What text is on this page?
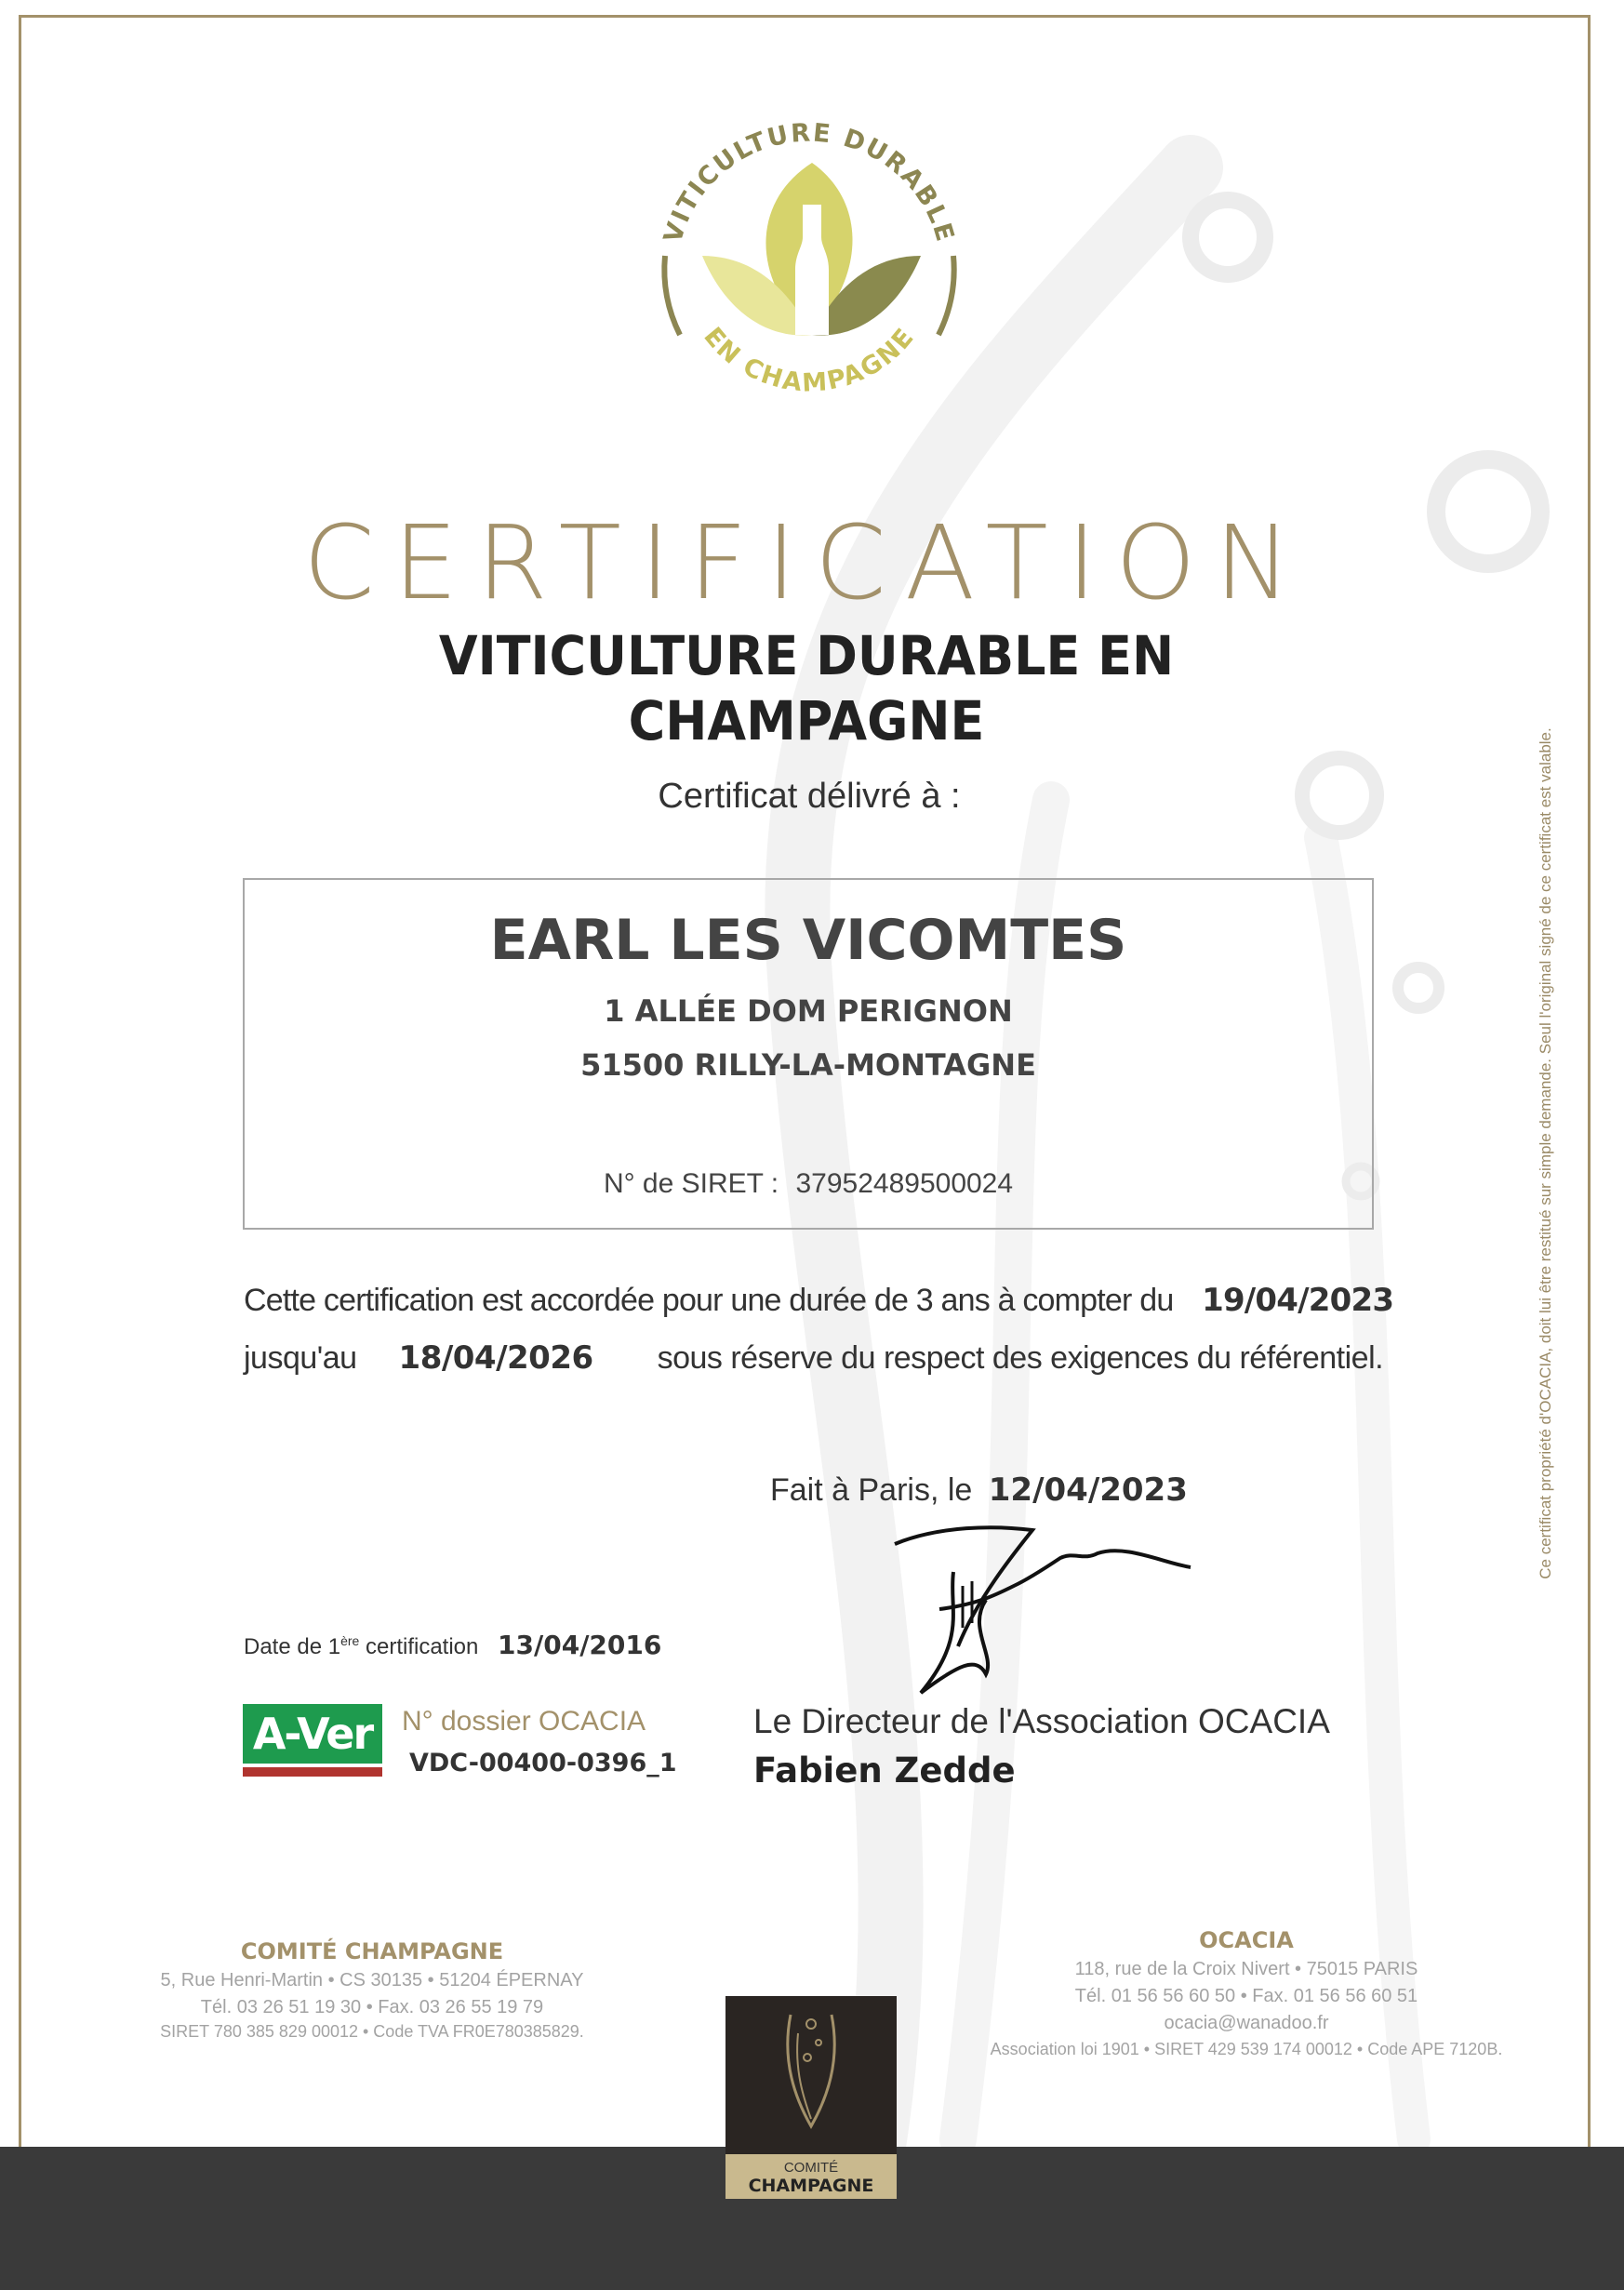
VITICULTURE DURABLE
EN CHAMPAGNE
CERTIFICATION
VITICULTURE DURABLE EN CHAMPAGNE
Certificat délivré à :
EARL LES VICOMTES
1 ALLÉE DOM PERIGNON
51500 RILLY-LA-MONTAGNE
N° de SIRET : 37952489500024
Cette certification est accordée pour une durée de 3 ans à compter du 19/04/2023
jusqu'au 18/04/2026 sous réserve du respect des exigences du référentiel.
Fait à Paris, le 12/04/2023
Date de 1ère certification 13/04/2016
A-Ver	N° dossier OCACIA
VDC-00400-0396_1
Le Directeur de l'Association OCACIA
Fabien Zedde
Ce certificat propriété d'OCACIA, doit lui être restitué sur simple demande. Seul l'original signé de ce certificat est valable.
COMITÉ CHAMPAGNE
5, Rue Henri-Martin • CS 30135 • 51204 ÉPERNAY
Tél. 03 26 51 19 30 • Fax. 03 26 55 19 79
SIRET 780 385 829 00012 • Code TVA FR0E780385829.
COMITÉ
CHAMPAGNE
OCACIA
118, rue de la Croix Nivert • 75015 PARIS
Tél. 01 56 56 60 50 • Fax. 01 56 56 60 51
ocacia@wanadoo.fr
Association loi 1901 • SIRET 429 539 174 00012 • Code APE 7120B.
